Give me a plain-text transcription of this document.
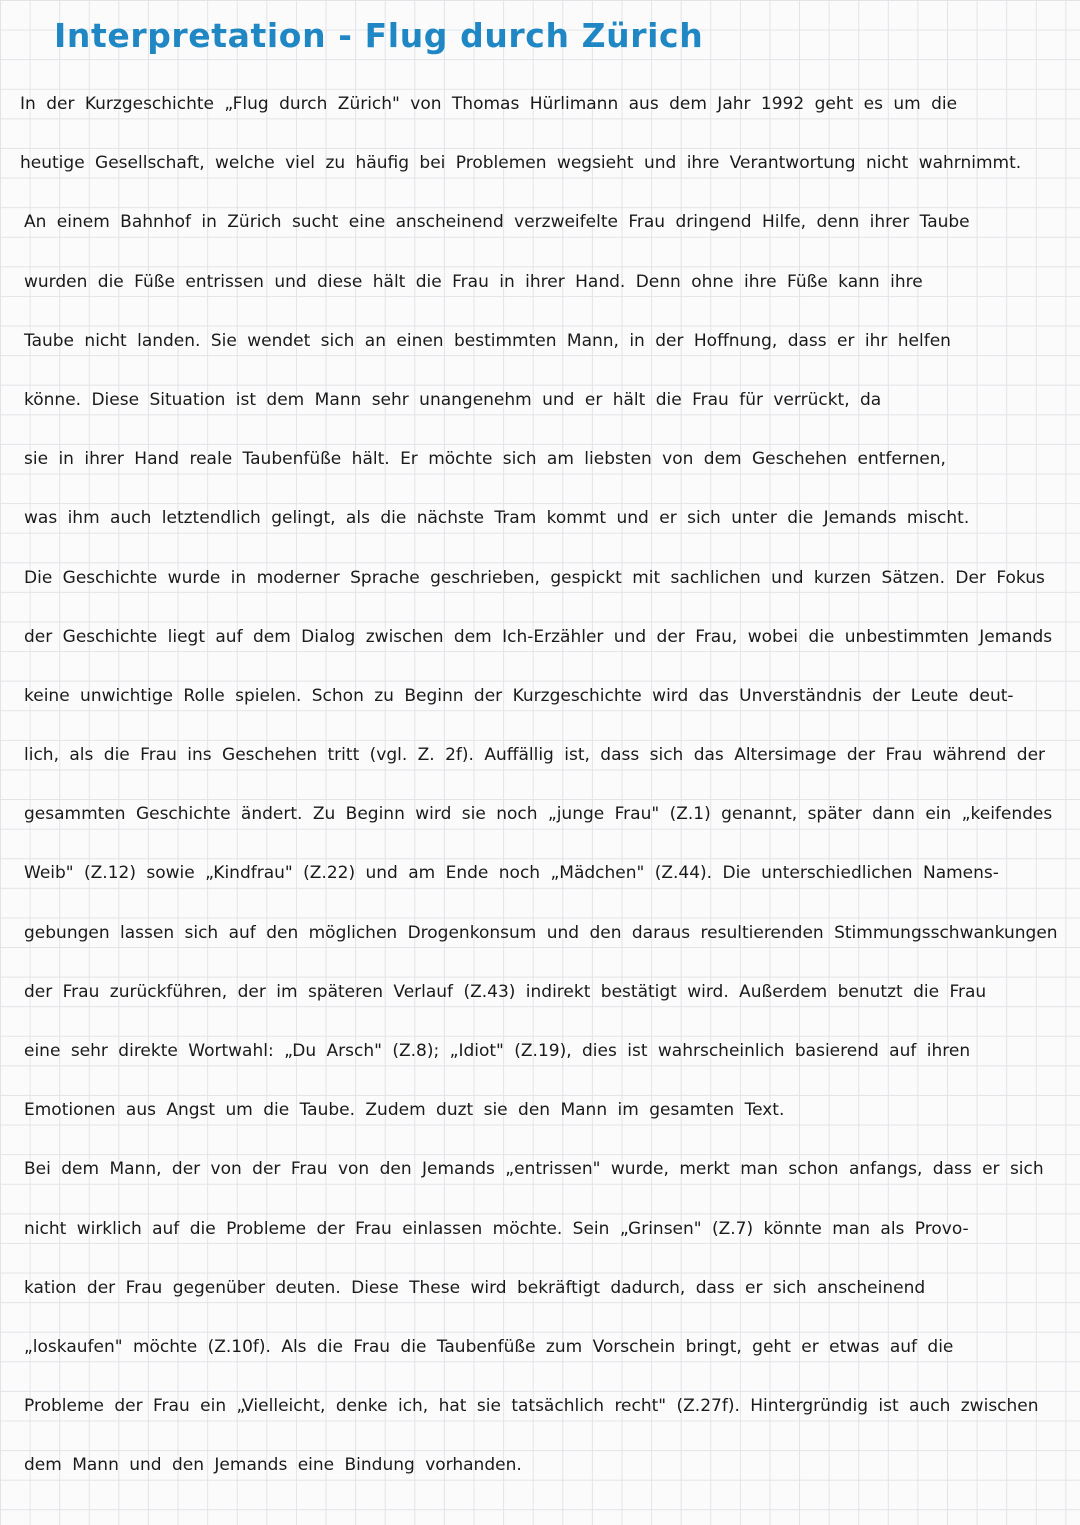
Interpretation - Flug durch Zürich
In der Kurzgeschichte „Flug durch Zürich" von Thomas Hürlimann aus dem Jahr 1992 geht es um die
heutige Gesellschaft, welche viel zu häufig bei Problemen wegsieht und ihre Verantwortung nicht wahrnimmt.
An einem Bahnhof in Zürich sucht eine anscheinend verzweifelte Frau dringend Hilfe, denn ihrer Taube
wurden die Füße entrissen und diese hält die Frau in ihrer Hand. Denn ohne ihre Füße kann ihre
Taube nicht landen. Sie wendet sich an einen bestimmten Mann, in der Hoffnung, dass er ihr helfen
könne. Diese Situation ist dem Mann sehr unangenehm und er hält die Frau für verrückt, da
sie in ihrer Hand reale Taubenfüße hält. Er möchte sich am liebsten von dem Geschehen entfernen,
was ihm auch letztendlich gelingt, als die nächste Tram kommt und er sich unter die Jemands mischt.
Die Geschichte wurde in moderner Sprache geschrieben, gespickt mit sachlichen und kurzen Sätzen. Der Fokus
der Geschichte liegt auf dem Dialog zwischen dem Ich-Erzähler und der Frau, wobei die unbestimmten Jemands
keine unwichtige Rolle spielen. Schon zu Beginn der Kurzgeschichte wird das Unverständnis der Leute deut-
lich, als die Frau ins Geschehen tritt (vgl. Z. 2f). Auffällig ist, dass sich das Altersimage der Frau während der
gesammten Geschichte ändert. Zu Beginn wird sie noch „junge Frau" (Z.1) genannt, später dann ein „keifendes
Weib" (Z.12) sowie „Kindfrau" (Z.22) und am Ende noch „Mädchen" (Z.44). Die unterschiedlichen Namens-
gebungen lassen sich auf den möglichen Drogenkonsum und den daraus resultierenden Stimmungsschwankungen
der Frau zurückführen, der im späteren Verlauf (Z.43) indirekt bestätigt wird. Außerdem benutzt die Frau
eine sehr direkte Wortwahl: „Du Arsch" (Z.8); „Idiot" (Z.19), dies ist wahrscheinlich basierend auf ihren
Emotionen aus Angst um die Taube. Zudem duzt sie den Mann im gesamten Text.
Bei dem Mann, der von der Frau von den Jemands „entrissen" wurde, merkt man schon anfangs, dass er sich
nicht wirklich auf die Probleme der Frau einlassen möchte. Sein „Grinsen" (Z.7) könnte man als Provo-
kation der Frau gegenüber deuten. Diese These wird bekräftigt dadurch, dass er sich anscheinend
„loskaufen" möchte (Z.10f). Als die Frau die Taubenfüße zum Vorschein bringt, geht er etwas auf die
Probleme der Frau ein „Vielleicht, denke ich, hat sie tatsächlich recht" (Z.27f). Hintergründig ist auch zwischen
dem Mann und den Jemands eine Bindung vorhanden.
